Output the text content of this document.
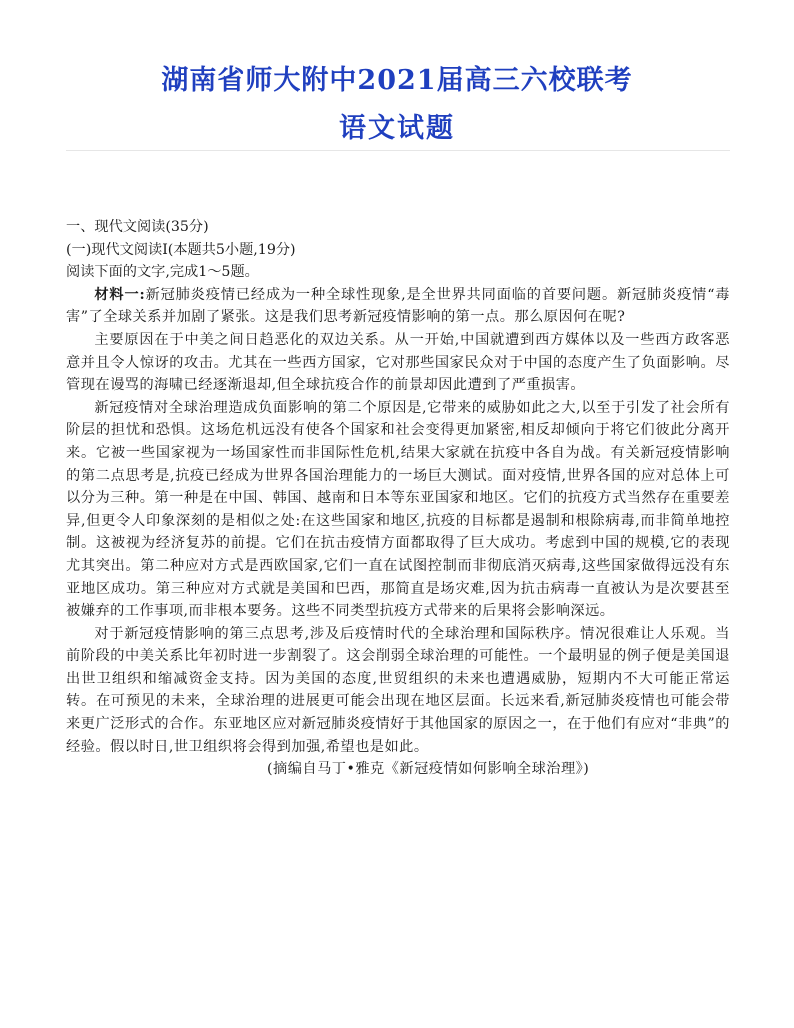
湖南省师大附中2021届高三六校联考
语文试题
一、现代文阅读(35分)
(一)现代文阅读Ⅰ(本题共5小题,19分)
阅读下面的文字,完成1～5题。

材料一:新冠肺炎疫情已经成为一种全球性现象,是全世界共同面临的首要问题。新冠肺炎疫情“毒害”了全球关系并加剧了紧张。这是我们思考新冠疫情影响的第一点。那么原因何在呢?

主要原因在于中美之间日趋恶化的双边关系。从一开始,中国就遭到西方媒体以及一些西方政客恶意并且令人惊讶的攻击。尤其在一些西方国家，它对那些国家民众对于中国的态度产生了负面影响。尽管现在谩骂的海啸已经逐渐退却,但全球抗疫合作的前景却因此遭到了严重损害。

新冠疫情对全球治理造成负面影响的第二个原因是,它带来的威胁如此之大,以至于引发了社会所有阶层的担忧和恐惧。这场危机远没有使各个国家和社会变得更加紧密,相反却倾向于将它们彼此分离开来。它被一些国家视为一场国家性而非国际性危机,结果大家就在抗疫中各自为战。有关新冠疫情影响的第二点思考是,抗疫已经成为世界各国治理能力的一场巨大测试。面对疫情,世界各国的应对总体上可以分为三种。第一种是在中国、韩国、越南和日本等东亚国家和地区。它们的抗疫方式当然存在重要差异,但更令人印象深刻的是相似之处:在这些国家和地区,抗疫的目标都是遏制和根除病毒,而非简单地控制。这被视为经济复苏的前提。它们在抗击疫情方面都取得了巨大成功。考虑到中国的规模,它的表现尤其突出。第二种应对方式是西欧国家,它们一直在试图控制而非彻底消灭病毒,这些国家做得远没有东亚地区成功。第三种应对方式就是美国和巴西，那简直是场灾难,因为抗击病毒一直被认为是次要甚至被嫌弃的工作事项,而非根本要务。这些不同类型抗疫方式带来的后果将会影响深远。

对于新冠疫情影响的第三点思考,涉及后疫情时代的全球治理和国际秩序。情况很难让人乐观。当前阶段的中美关系比年初时进一步割裂了。这会削弱全球治理的可能性。一个最明显的例子便是美国退出世卫组织和缩减资金支持。因为美国的态度,世贸组织的未来也遭遇威胁，短期内不大可能正常运转。在可预见的未来，全球治理的进展更可能会出现在地区层面。长远来看,新冠肺炎疫情也可能会带来更广泛形式的合作。东亚地区应对新冠肺炎疫情好于其他国家的原因之一，在于他们有应对“非典”的经验。假以时日,世卫组织将会得到加强,希望也是如此。

(摘编自马丁•雅克《新冠疫情如何影响全球治理》)
